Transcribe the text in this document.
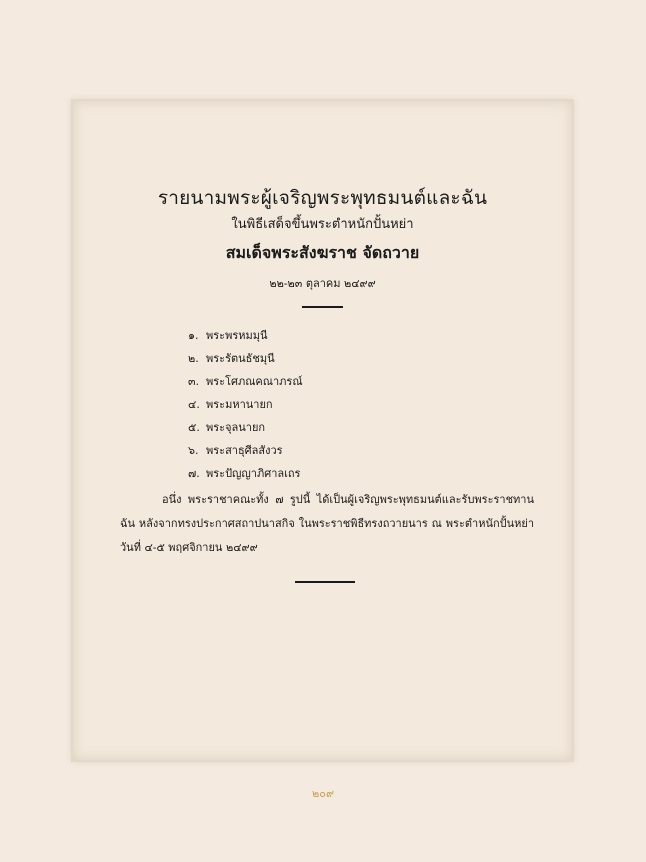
รายนามพระผู้เจริญพระพุทธมนต์และฉัน
ในพิธีเสด็จขึ้นพระตำหนักปั้นหย่า
สมเด็จพระสังฆราช จัดถวาย
๒๒-๒๓ ตุลาคม ๒๔๙๙
๑. พระพรหมมุนี
๒. พระรัตนธัชมุนี
๓. พระโศภณคณาภรณ์
๔. พระมหานายก
๕. พระจุลนายก
๖. พระสาธุศีลสังวร
๗. พระปัญญาภิศาลเถร
อนึ่ง พระราชาคณะทั้ง ๗ รูปนี้ ได้เป็นผู้เจริญพระพุทธมนต์และรับพระราชทานฉัน หลังจากทรงประกาศสถาปนาสกิจ ในพระราชพิธีทรงถวายนาร ณ พระตำหนักปั้นหย่า วันที่ ๔-๕ พฤศจิกายน ๒๔๙๙
๒๐๙
